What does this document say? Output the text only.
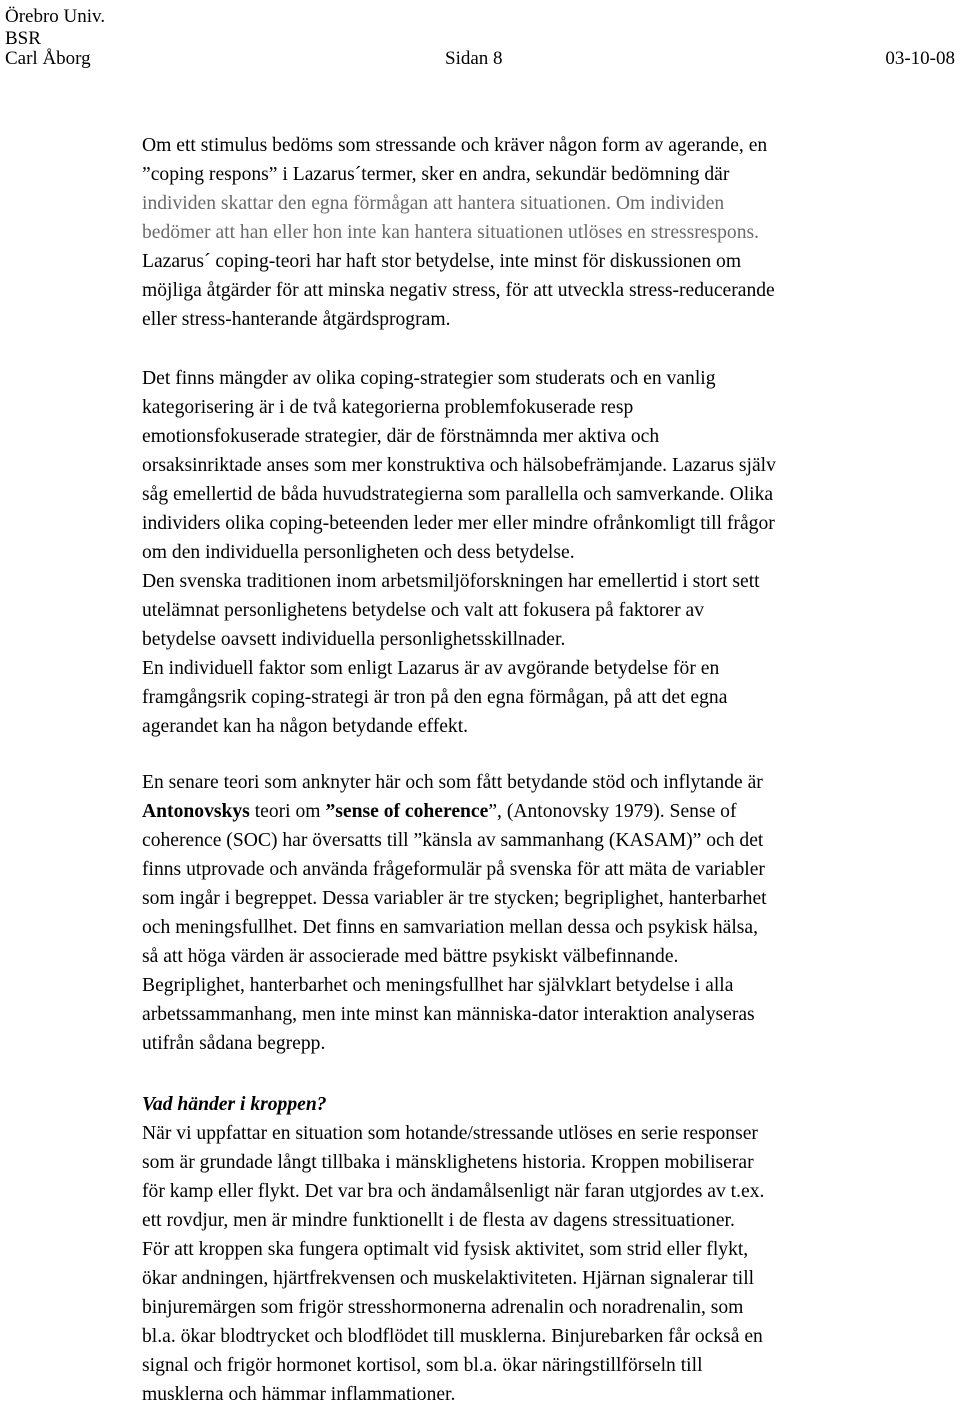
Örebro Univ.
BSR
Carl Åborg	Sidan 8	03-10-08
Om ett stimulus bedöms som stressande och kräver någon form av agerande, en
”coping respons” i Lazarus´termer, sker en andra, sekundär bedömning där
individen skattar den egna förmågan att hantera situationen. Om individen
bedömer att han eller hon inte kan hantera situationen utlöses en stressrespons.
Lazarus´ coping-teori har haft stor betydelse, inte minst för diskussionen om
möjliga åtgärder för att minska negativ stress, för att utveckla stress-reducerande
eller stress-hanterande åtgärdsprogram.
Det finns mängder av olika coping-strategier som studerats och en vanlig
kategorisering är i de två kategorierna problemfokuserade resp
emotionsfokuserade strategier, där de förstnämnda mer aktiva och
orsaksinriktade anses som mer konstruktiva och hälsobefrämjande. Lazarus själv
såg emellertid de båda huvudstrategierna som parallella och samverkande. Olika
individers olika coping-beteenden leder mer eller mindre ofrånkomligt till frågor
om den individuella personligheten och dess betydelse.
Den svenska traditionen inom arbetsmiljöforskningen har emellertid i stort sett
utelämnat personlighetens betydelse och valt att fokusera på faktorer av
betydelse oavsett individuella personlighetsskillnader.
En individuell faktor som enligt Lazarus är av avgörande betydelse för en
framgångsrik coping-strategi är tron på den egna förmågan, på att det egna
agerandet kan ha någon betydande effekt.
En senare teori som anknyter här och som fått betydande stöd och inflytande är
Antonovskys teori om ”sense of coherence”, (Antonovsky 1979). Sense of
coherence (SOC) har översatts till ”känsla av sammanhang (KASAM)” och det
finns utprovade och använda frågeformulär på svenska för att mäta de variabler
som ingår i begreppet. Dessa variabler är tre stycken; begriplighet, hanterbarhet
och meningsfullhet. Det finns en samvariation mellan dessa och psykisk hälsa,
så att höga värden är associerade med bättre psykiskt välbefinnande.
Begriplighet, hanterbarhet och meningsfullhet har självklart betydelse i alla
arbetssammanhang, men inte minst kan människa-dator interaktion analyseras
utifrån sådana begrepp.
Vad händer i kroppen?
När vi uppfattar en situation som hotande/stressande utlöses en serie responser
som är grundade långt tillbaka i mänsklighetens historia. Kroppen mobiliserar
för kamp eller flykt. Det var bra och ändamålsenligt när faran utgjordes av t.ex.
ett rovdjur, men är mindre funktionellt i de flesta av dagens stressituationer.
För att kroppen ska fungera optimalt vid fysisk aktivitet, som strid eller flykt,
ökar andningen, hjärtfrekvensen och muskelaktiviteten. Hjärnan signalerar till
binjuremärgen som frigör stresshormonerna adrenalin och noradrenalin, som
bl.a. ökar blodtrycket och blodflödet till musklerna. Binjurebarken får också en
signal och frigör hormonet kortisol, som bl.a. ökar näringstillförseln till
musklerna och hämmar inflammationer.
